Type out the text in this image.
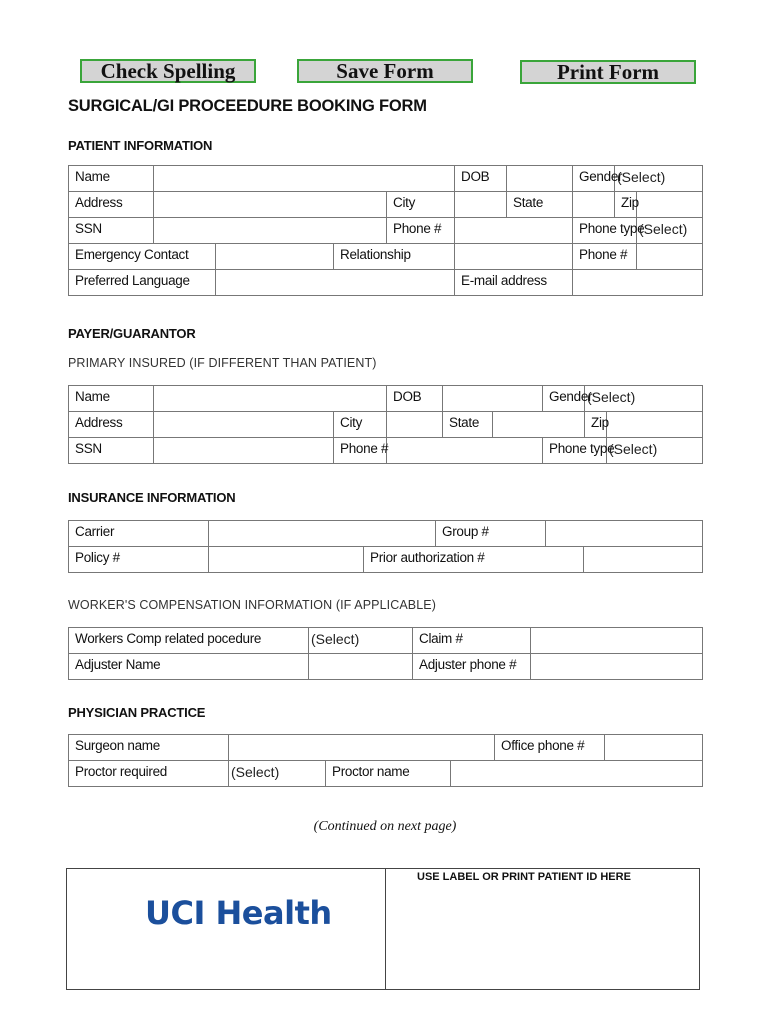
Check Spelling	Save Form	Print Form
SURGICAL/GI PROCEEDURE BOOKING FORM
PATIENT INFORMATION
Name					DOB		Gender	(Select)	
Address				City		State		Zip	

SSN				Phone #			Phone type		(Select)
Emergency Contact			Relationship				Phone #		

Preferred Language					E-mail address				
PAYER/GUARANTOR
PRIMARY INSURED (IF DIFFERENT THAN PATIENT)
Name			DOB			Gender	(Select)	
Address		City		State			Zip	

SSN		Phone #				Phone type		(Select)
INSURANCE INFORMATION
Carrier			Group #		

Policy #		Prior authorization #			
WORKER'S COMPENSATION INFORMATION (IF APPLICABLE)
Workers Comp related pocedure	(Select)	Claim #	

Adjuster Name		Adjuster phone #	
PHYSICIAN PRACTICE
Surgeon name				Office phone #	

Proctor required	(Select)	Proctor name			
(Continued on next page)
UCI Health
USE LABEL OR PRINT PATIENT ID HERE
